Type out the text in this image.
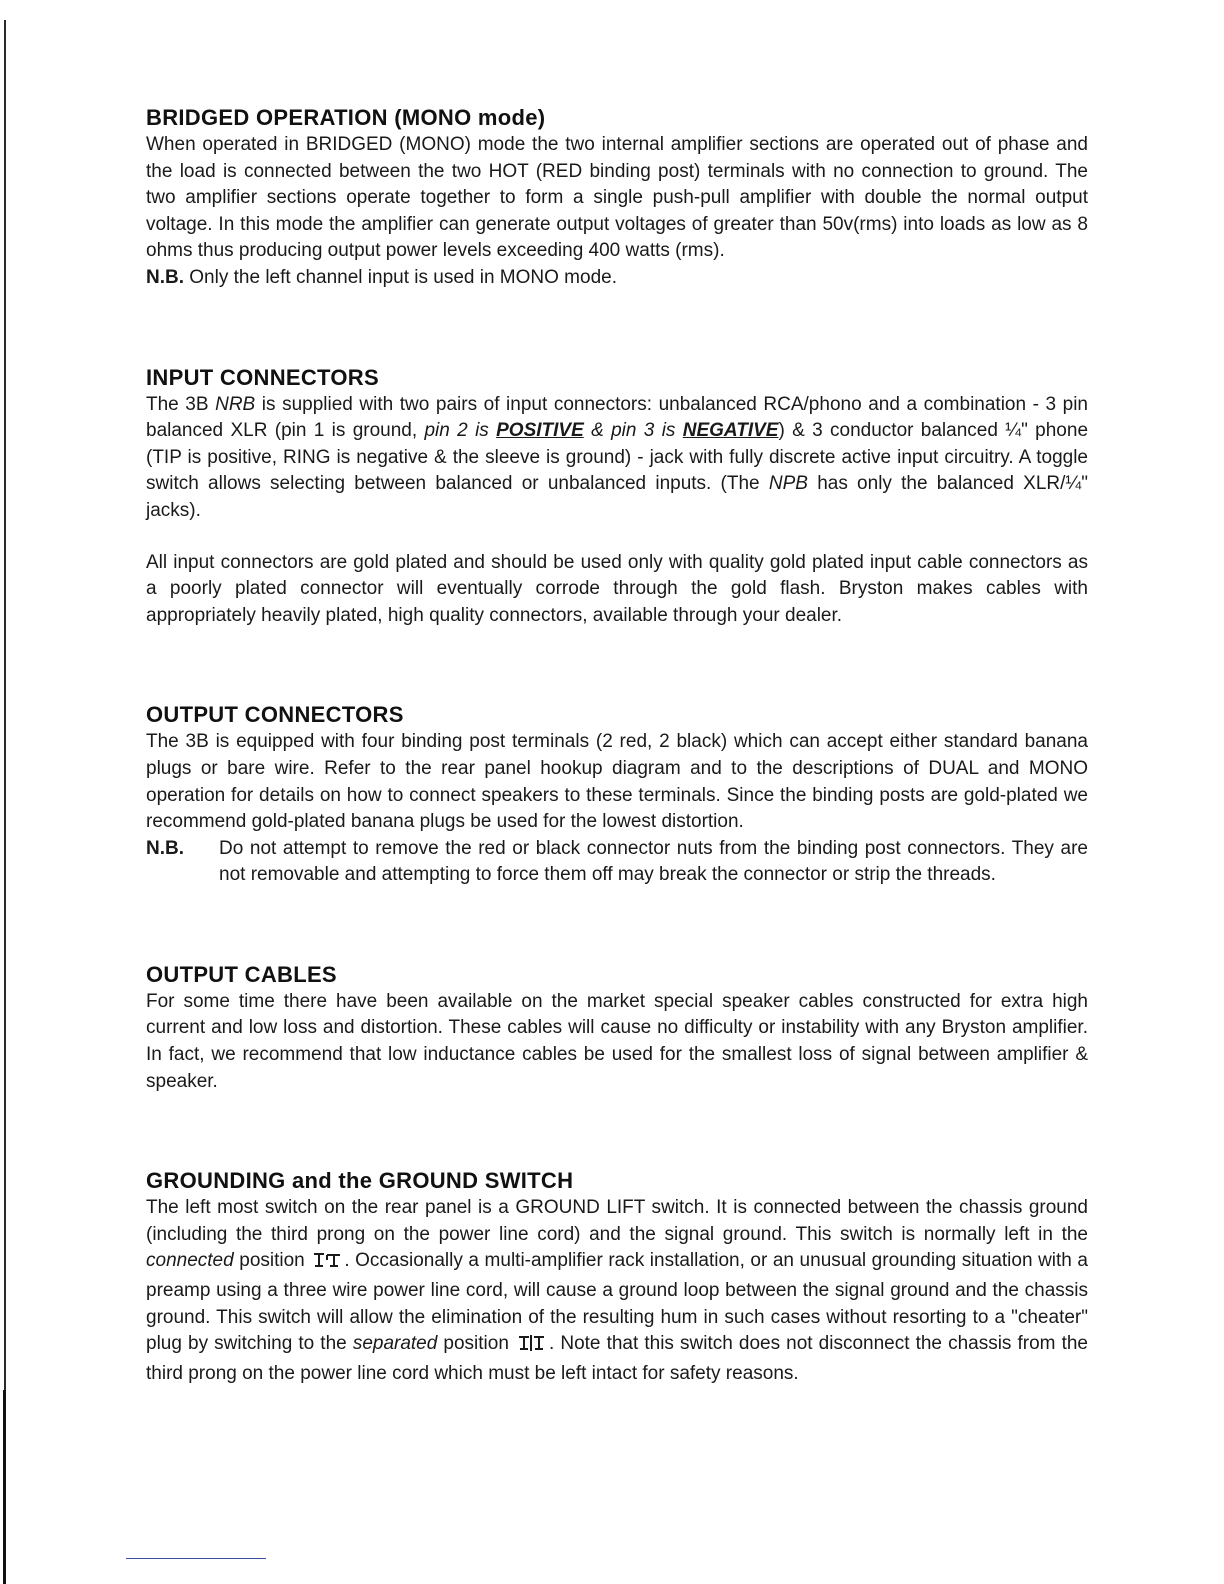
BRIDGED OPERATION (MONO mode)

When operated in BRIDGED (MONO) mode the two internal amplifier sections are operated out of phase and the load is connected between the two HOT (RED binding post) terminals with no connection to ground. The two amplifier sections operate together to form a single push-pull amplifier with double the normal output voltage. In this mode the amplifier can generate output voltages of greater than 50v(rms) into loads as low as 8 ohms thus producing output power levels exceeding 400 watts (rms).

N.B. Only the left channel input is used in MONO mode.
INPUT CONNECTORS

The 3B NRB is supplied with two pairs of input connectors: unbalanced RCA/phono and a combination - 3 pin balanced XLR (pin 1 is ground, pin 2 is POSITIVE & pin 3 is NEGATIVE) & 3 conductor balanced ¼" phone (TIP is positive, RING is negative & the sleeve is ground) - jack with fully discrete active input circuitry. A toggle switch allows selecting between balanced or unbalanced inputs. (The NPB has only the balanced XLR/¼" jacks).

All input connectors are gold plated and should be used only with quality gold plated input cable connectors as a poorly plated connector will eventually corrode through the gold flash. Bryston makes cables with appropriately heavily plated, high quality connectors, available through your dealer.

OUTPUT CONNECTORS

The 3B is equipped with four binding post terminals (2 red, 2 black) which can accept either standard banana plugs or bare wire. Refer to the rear panel hookup diagram and to the descriptions of DUAL and MONO operation for details on how to connect speakers to these terminals. Since the binding posts are gold-plated we recommend gold-plated banana plugs be used for the lowest distortion.

N.B.	Do not attempt to remove the red or black connector nuts from the binding post connectors. They are not removable and attempting to force them off may break the connector or strip the threads.
OUTPUT CABLES

For some time there have been available on the market special speaker cables constructed for extra high current and low loss and distortion. These cables will cause no difficulty or instability with any Bryston amplifier. In fact, we recommend that low inductance cables be used for the smallest loss of signal between amplifier & speaker.

GROUNDING and the GROUND SWITCH

The left most switch on the rear panel is a GROUND LIFT switch. It is connected between the chassis ground (including the third prong on the power line cord) and the signal ground. This switch is normally left in the connected position . Occasionally a multi-amplifier rack installation, or an unusual grounding situation with a preamp using a three wire power line cord, will cause a ground loop between the signal ground and the chassis ground. This switch will allow the elimination of the resulting hum in such cases without resorting to a "cheater" plug by switching to the separated position . Note that this switch does not disconnect the chassis from the third prong on the power line cord which must be left intact for safety reasons.
